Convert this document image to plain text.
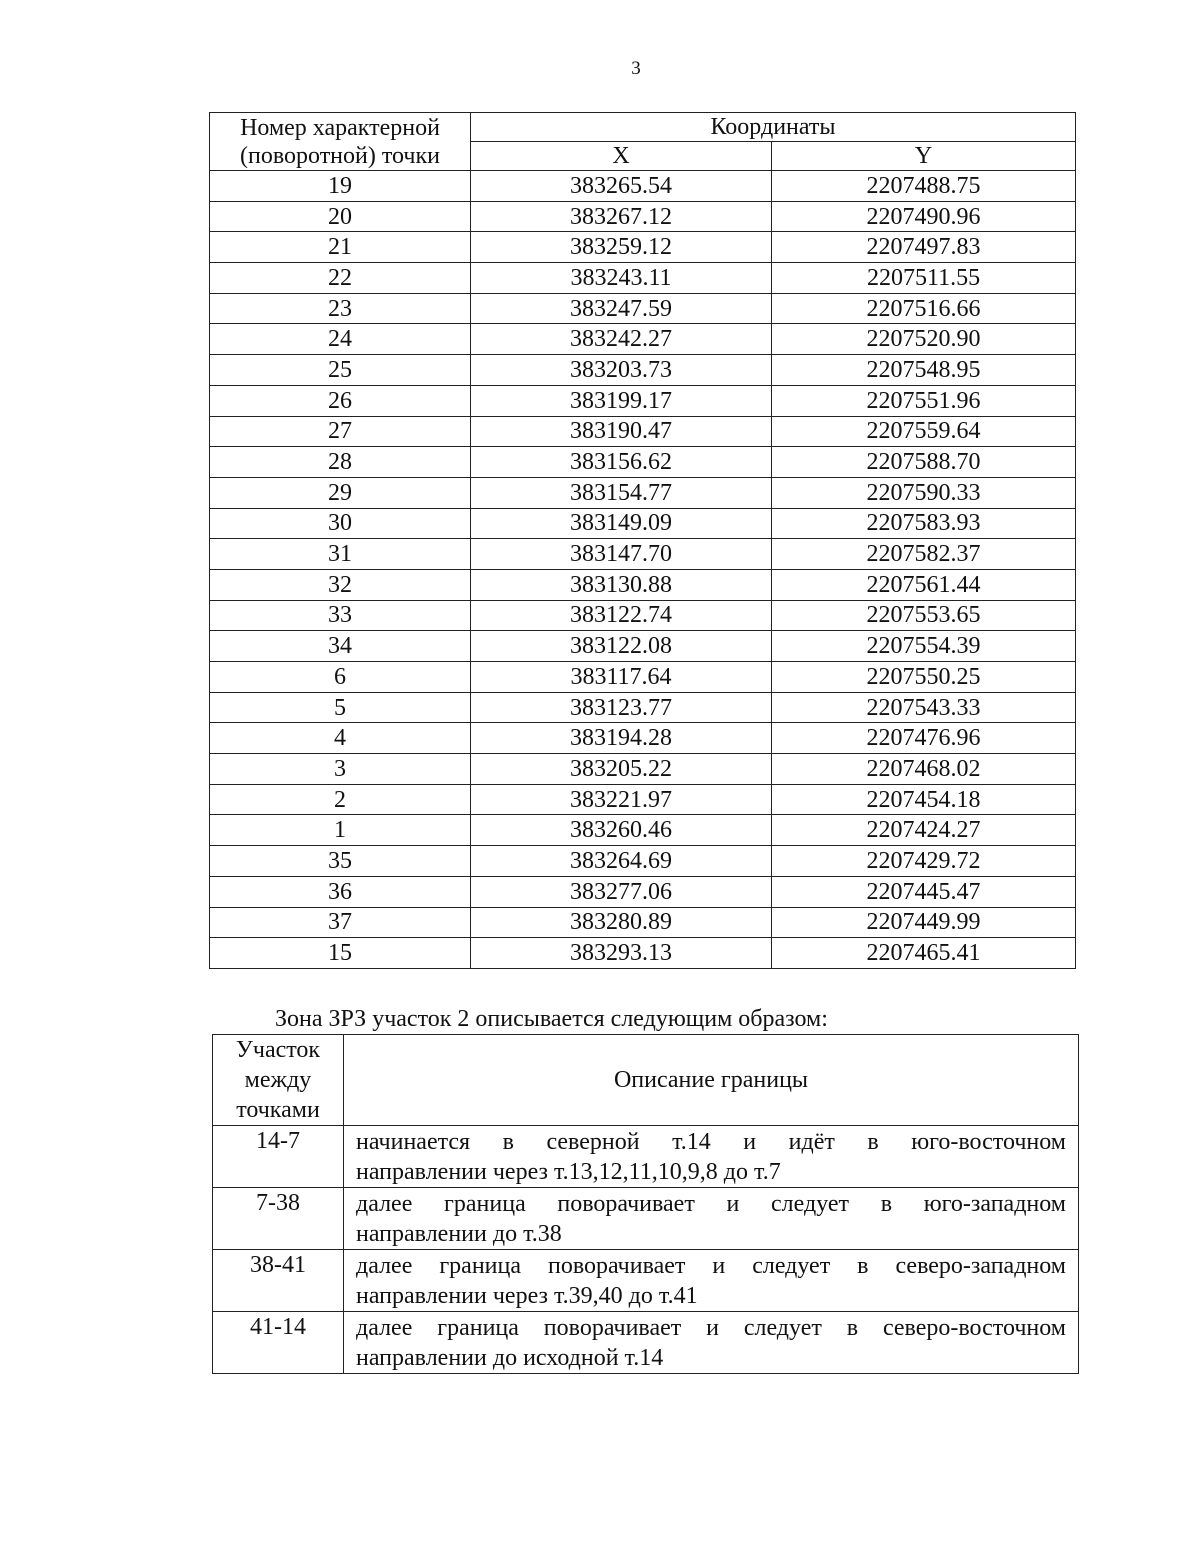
3
Номер характерной
(поворотной) точки	Координаты	
	X	Y
19	383265.54	2207488.75
20	383267.12	2207490.96
21	383259.12	2207497.83
22	383243.11	2207511.55
23	383247.59	2207516.66
24	383242.27	2207520.90
25	383203.73	2207548.95
26	383199.17	2207551.96
27	383190.47	2207559.64
28	383156.62	2207588.70
29	383154.77	2207590.33
30	383149.09	2207583.93
31	383147.70	2207582.37
32	383130.88	2207561.44
33	383122.74	2207553.65
34	383122.08	2207554.39
6	383117.64	2207550.25
5	383123.77	2207543.33
4	383194.28	2207476.96
3	383205.22	2207468.02
2	383221.97	2207454.18
1	383260.46	2207424.27
35	383264.69	2207429.72
36	383277.06	2207445.47
37	383280.89	2207449.99
15	383293.13	2207465.41
Зона ЗРЗ участок 2 описывается следующим образом:
Участок
между
точками	Описание границы
14-7	начинается в северной т.14 и идёт в юго-восточном
направлении через т.13,12,11,10,9,8 до т.7

7-38	далее граница поворачивает и следует в юго-западном
направлении до т.38

38-41	далее граница поворачивает и следует в северо-западном
направлении через т.39,40 до т.41

41-14	далее граница поворачивает и следует в северо-восточном
направлении до исходной т.14
